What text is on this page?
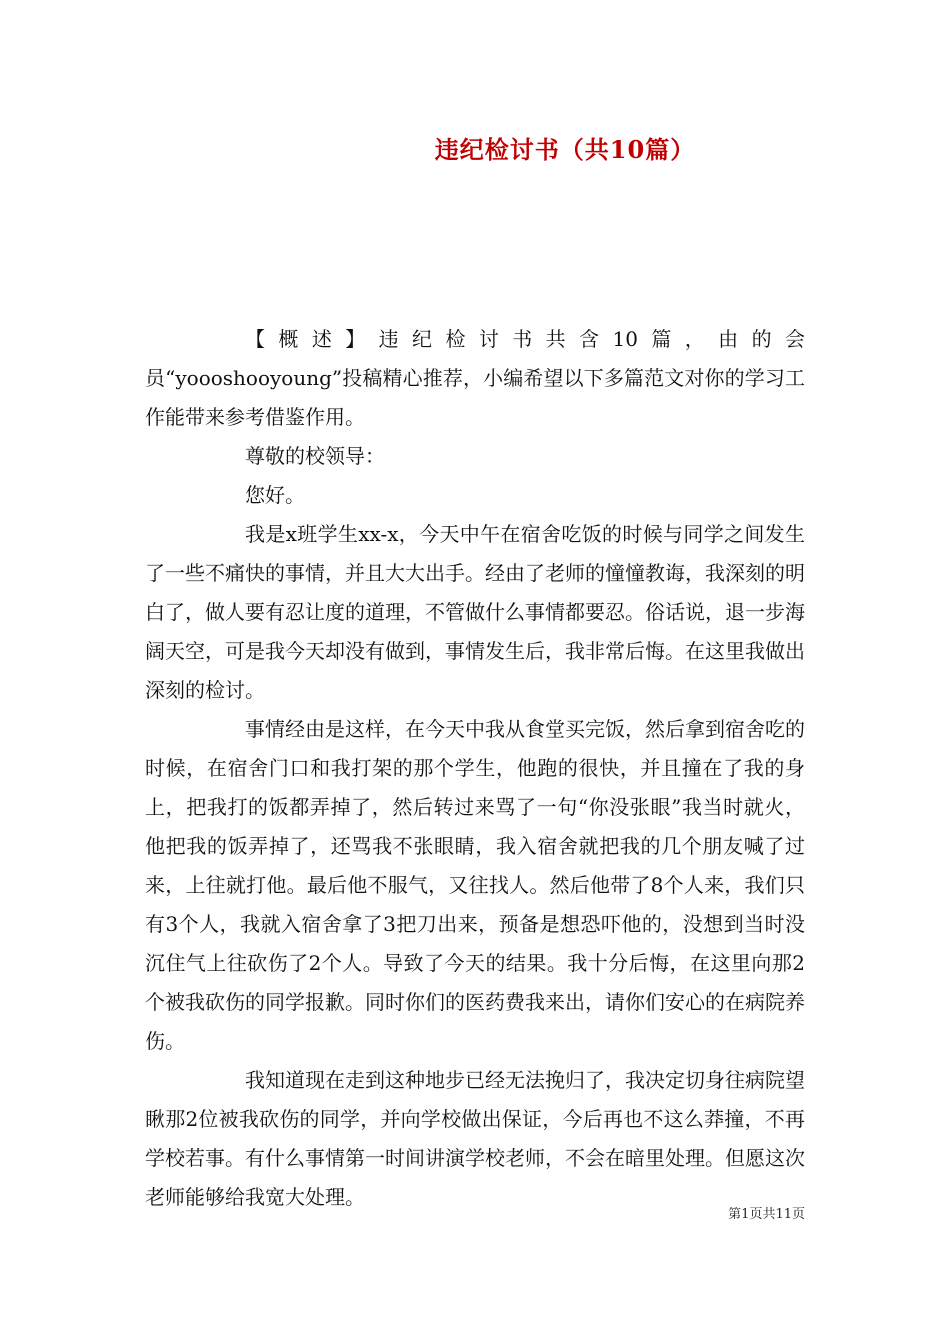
违纪检讨书（共10篇）

【概述】违纪检讨书共含10篇，由的会员“yoooshooyoung”投稿精心推荐，小编希望以下多篇范文对你的学习工作能带来参考借鉴作用。

尊敬的校领导：

您好。

我是x班学生xx-x，今天中午在宿舍吃饭的时候与同学之间发生了一些不痛快的事情，并且大大出手。经由了老师的憧憧教诲，我深刻的明白了，做人要有忍让度的道理，不管做什么事情都要忍。俗话说，退一步海阔天空，可是我今天却没有做到，事情发生后，我非常后悔。在这里我做出深刻的检讨。

事情经由是这样，在今天中我从食堂买完饭，然后拿到宿舍吃的时候，在宿舍门口和我打架的那个学生，他跑的很快，并且撞在了我的身上，把我打的饭都弄掉了，然后转过来骂了一句“你没张眼”我当时就火，他把我的饭弄掉了，还骂我不张眼睛，我入宿舍就把我的几个朋友喊了过来，上往就打他。最后他不服气，又往找人。然后他带了8个人来，我们只有3个人，我就入宿舍拿了3把刀出来，预备是想恐吓他的，没想到当时没沉住气上往砍伤了2个人。导致了今天的结果。我十分后悔，在这里向那2个被我砍伤的同学报歉。同时你们的医药费我来出，请你们安心的在病院养伤。

我知道现在走到这种地步已经无法挽归了，我决定切身往病院望瞅那2位被我砍伤的同学，并向学校做出保证，今后再也不这么莽撞，不再学校若事。有什么事情第一时间讲演学校老师，不会在暗里处理。但愿这次老师能够给我宽大处理。

第1页共11页
